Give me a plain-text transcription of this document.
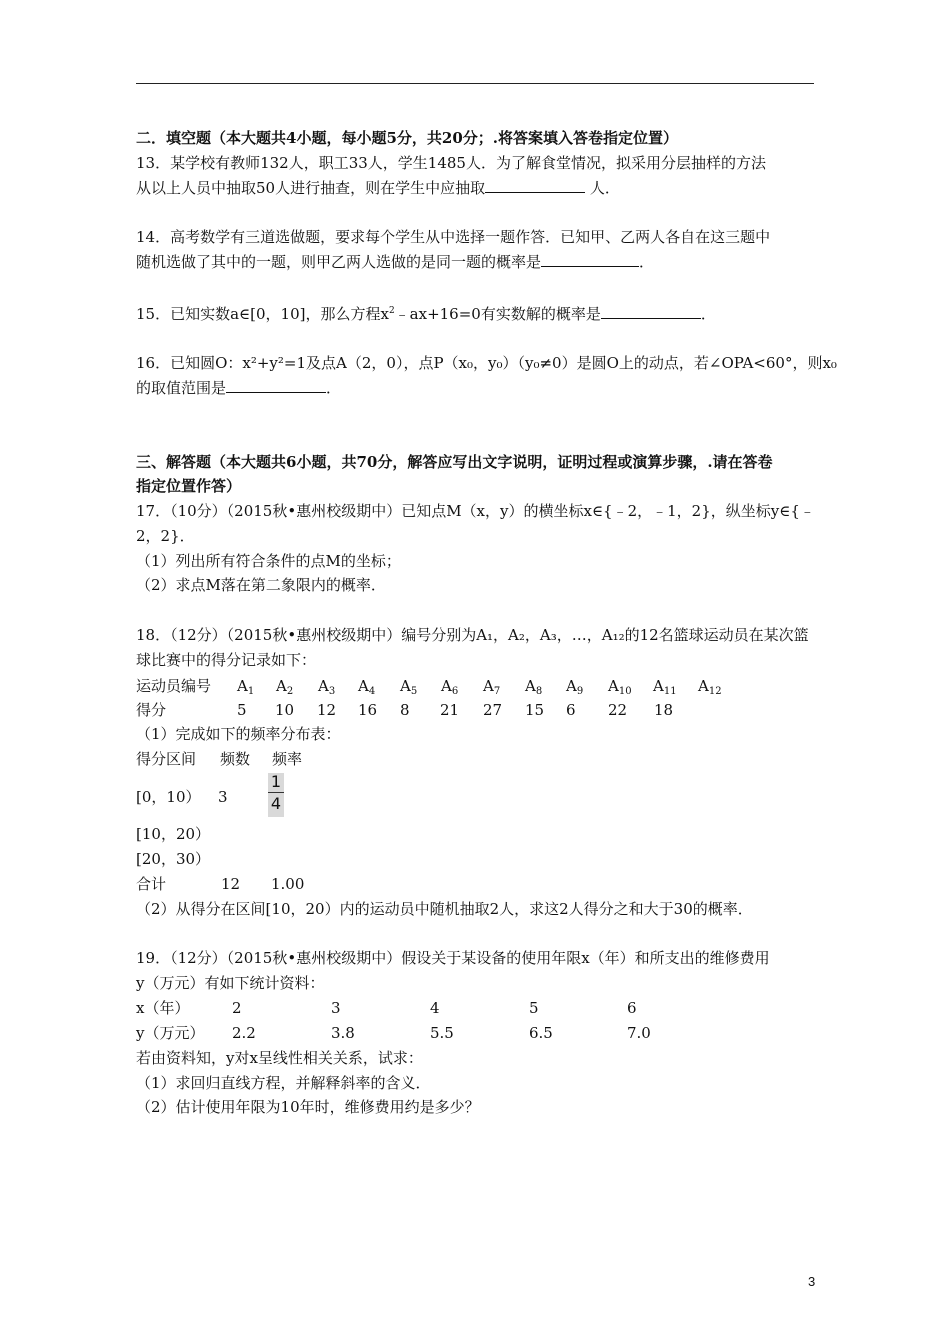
二．填空题（本大题共4小题，每小题5分，共20分；.将答案填入答卷指定位置）
13．某学校有教师132人，职工33人，学生1485人．为了解食堂情况，拟采用分层抽样的方法
从以上人员中抽取50人进行抽查，则在学生中应抽取	人．
14．高考数学有三道选做题，要求每个学生从中选择一题作答．已知甲、乙两人各自在这三题中
随机选做了其中的一题，则甲乙两人选做的是同一题的概率是	．
15．已知实数a∈[0，10]，那么方程$x^2﹣ax+16=0$有实数解的概率是	．
16．已知圆O：x²+y²=1及点A（2，0），点P（x₀，y₀）（y₀≠0）是圆O上的动点，若∠OPA<60°，则x₀
的取值范围是	．
三、解答题（本大题共6小题，共70分，解答应写出文字说明，证明过程或演算步骤，.请在答卷
指定位置作答）
17．（10分）（2015秋•惠州校级期中）已知点M（x，y）的横坐标x∈{﹣2，﹣1，2}，纵坐标y∈{﹣
2，2}．
（1）列出所有符合条件的点M的坐标；
（2）求点M落在第二象限内的概率．
18．（12分）（2015秋•惠州校级期中）编号分别为A₁，A₂，A₃，…，A₁₂的12名篮球运动员在某次篮
球比赛中的得分记录如下：
运动员编号 $A_1$ $A_2$ $A_3$ $A_4$ $A_5$ $A_6$ $A_7$ $A_8$ $A_9$ $A_{10}$ $A_{11}$ $A_{12}$
得分	5 10 12 16 8 21 27 15 6 22 18
（1）完成如下的频率分布表：
得分区间 频数 频率
[0，10） 3	$\frac{1}{4}$
[10，20）
[20，30）
合计	12 1.00
（2）从得分在区间[10，20）内的运动员中随机抽取2人，求这2人得分之和大于30的概率．
19．（12分）（2015秋•惠州校级期中）假设关于某设备的使用年限x（年）和所支出的维修费用
y（万元）有如下统计资料：
x（年）	2	3	4	5	6
y（万元） 2.2	3.8	5.5	6.5	7.0
若由资料知，y对x呈线性相关关系，试求：
（1）求回归直线方程，并解释斜率的含义．
（2）估计使用年限为10年时，维修费用约是多少？
3
